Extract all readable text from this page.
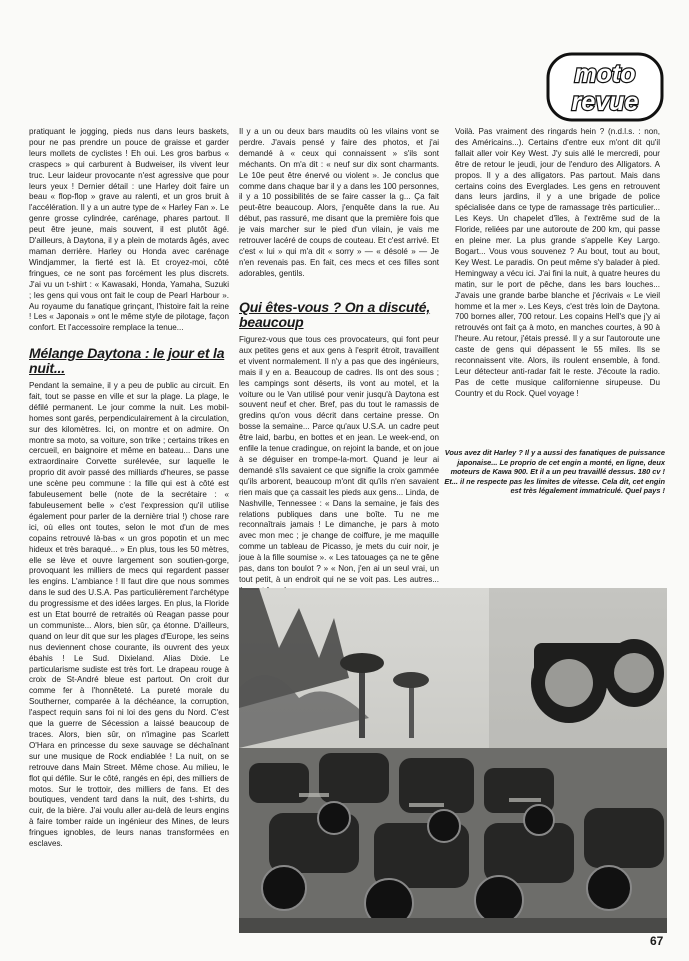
moto
revue

pratiquant le jogging, pieds nus dans leurs baskets, pour ne pas prendre un pouce de graisse et garder leurs mollets de cyclistes ! Eh oui. Les gros barbus « craspecs » qui carburent à Budweiser, ils vivent leur truc. Leur laideur provocante n'est agressive que pour leurs yeux ! Dernier détail : une Harley doit faire un beau « flop-flop » grave au ralenti, et un gros bruit à l'accélération. Il y a un autre type de « Harley Fan ». Le genre grosse cylindrée, carénage, phares partout. Il peut être jeune, mais souvent, il est plutôt âgé. D'ailleurs, à Daytona, il y a plein de motards âgés, avec maman derrière. Harley ou Honda avec carénage Windjammer, la fierté est là. Et croyez-moi, côté fringues, ce ne sont pas forcément les plus discrets. J'ai vu un t-shirt : « Kawasaki, Honda, Yamaha, Suzuki ; les gens qui vous ont fait le coup de Pearl Harbour ». Au royaume du fanatique grinçant, l'histoire fait la reine ! Les « Japonais » ont le même style de pilotage, façon confort. Et l'accessoire remplace la tenue...

Mélange Daytona : le jour et la nuit...

Pendant la semaine, il y a peu de public au circuit. En fait, tout se passe en ville et sur la plage. La plage, le défilé permanent. Le jour comme la nuit. Les mobil-homes sont garés, perpendiculairement à la circulation, sur des kilomètres. Ici, on montre et on admire. On montre sa moto, sa voiture, son trike ; certains trikes en cercueil, en baignoire et même en bateau... Dans une extraordinaire Corvette surélevée, sur laquelle le proprio dit avoir passé des milliards d'heures, se passe une scène peu commune : la fille qui est à côté est fabuleusement belle (note de la secrétaire : « fabuleusement belle » c'est l'expression qu'il utilise également pour parler de la dernière trial !) chose rare ici, où elles ont toutes, selon le mot d'un de mes copains retrouvé là-bas « un gros popotin et un mec hideux et très baraqué... » En plus, tous les 50 mètres, elle se lève et ouvre largement son soutien-gorge, provoquant les milliers de mecs qui regardent passer les engins. L'ambiance ! Il faut dire que nous sommes dans le sud des U.S.A. Pas particulièrement l'archétype du progressisme et des idées larges. En plus, la Floride est un Etat bourré de retraités où Reagan passe pour un communiste... Alors, bien sûr, ça étonne. D'ailleurs, quand on leur dit que sur les plages d'Europe, les seins nus deviennent chose courante, ils ouvrent des yeux ébahis ! Le Sud. Dixieland. Alias Dixie. Le particularisme sudiste est très fort. Le drapeau rouge à croix de St-André bleue est partout. On croit dur comme fer à l'honnêteté. La pureté morale du Southerner, comparée à la déchéance, la corruption, l'aspect requin sans foi ni loi des gens du Nord. C'est que la guerre de Sécession a laissé beaucoup de traces. Alors, bien sûr, on n'imagine pas Scarlett O'Hara en princesse du sexe sauvage se déchaînant sur une musique de Rock endiablée ! La nuit, on se retrouve dans Main Street. Même chose. Au milieu, le flot qui défile. Sur le côté, rangés en épi, des milliers de motos. Sur le trottoir, des milliers de fans. Et des boutiques, vendent tard dans la nuit, des t-shirts, du cuir, de la bière. J'ai voulu aller au-delà de leurs engins à faire tomber raide un ingénieur des Mines, de leurs fringues ignobles, de leurs nanas transformées en esclaves.

Il y a un ou deux bars maudits où les vilains vont se perdre. J'avais pensé y faire des photos, et j'ai demandé à « ceux qui connaissent » s'ils sont méchants. On m'a dit : « neuf sur dix sont charmants. Le 10e peut être énervé ou violent ». Je conclus que comme dans chaque bar il y a dans les 100 personnes, il y a 10 possibilités de se faire casser la g... Ça fait peut-être beaucoup. Alors, j'enquête dans la rue. Au début, pas rassuré, me disant que la première fois que je vais marcher sur le pied d'un vilain, je vais me retrouver lacéré de coups de couteau. Et c'est arrivé. Et c'est « lui » qui m'a dit « sorry » — « désolé » — Je n'en revenais pas. En fait, ces mecs et ces filles sont adorables, gentils.

Qui êtes-vous ? On a discuté, beaucoup

Figurez-vous que tous ces provocateurs, qui font peur aux petites gens et aux gens à l'esprit étroit, travaillent et vivent normalement. Il n'y a pas que des ingénieurs, mais il y en a. Beaucoup de cadres. Ils ont des sous ; les campings sont déserts, ils vont au motel, et la voiture ou le Van utilisé pour venir jusqu'à Daytona est souvent neuf et cher. Bref, pas du tout le ramassis de gredins qu'on vous décrit dans certaine presse. On bosse la semaine... Parce qu'aux U.S.A. un cadre peut être laid, barbu, en bottes et en jean. Le week-end, on enfile la tenue cradingue, on rejoint la bande, et on joue à se déguiser en trompe-la-mort. Quand je leur ai demandé s'ils savaient ce que signifie la croix gammée qu'ils arborent, beaucoup m'ont dit qu'ils n'en savaient rien mais que ça cassait les pieds aux gens... Linda, de Nashville, Tennessee : « Dans la semaine, je fais des relations publiques dans une boîte. Tu ne me reconnaîtrais jamais ! Le dimanche, je pars à moto avec mon mec ; je change de coiffure, je me maquille comme un tableau de Picasso, je mets du cuir noir, je joue à la fille soumise ». « Les tatouages ça ne te gêne pas, dans ton boulot ? » « Non, j'en ai un seul vrai, un tout petit, à un endroit qui ne se voit pas. Les autres...

Voilà. Pas vraiment des ringards hein ? (n.d.l.s. : non, des Américains...). Certains d'entre eux m'ont dit qu'il fallait aller voir Key West. J'y suis allé le mercredi, pour être de retour le jeudi, jour de l'enduro des Alligators. A propos. Il y a des alligators. Pas partout. Mais dans certains coins des Everglades. Les gens en retrouvent dans leurs jardins, il y a une brigade de police spécialisée dans ce type de ramassage très particulier... Les Keys. Un chapelet d'îles, à l'extrême sud de la Floride, reliées par une autoroute de 200 km, qui passe en pleine mer. La plus grande s'appelle Key Largo. Bogart... Vous vous souvenez ? Au bout, tout au bout, Key West. Le paradis. On peut même s'y balader à pied. Hemingway a vécu ici. J'ai fini la nuit, à quatre heures du matin, sur le port de pêche, dans les bars louches... J'avais une grande barbe blanche et j'écrivais « Le vieil homme et la mer ». Les Keys, c'est très loin de Daytona. 700 bornes aller, 700 retour. Les copains Hell's que j'y ai retrouvés ont fait ça à moto, en manches courtes, à 90 à l'heure. Au retour, j'étais pressé. Il y a sur l'autoroute une caste de gens qui dépassent le 55 miles. Ils se reconnaissent vite. Alors, ils roulent ensemble, à fond. Leur détecteur anti-radar fait le reste. J'écoute la radio. Pas de cette musique californienne sirupeuse. Du Country et du Rock. Quel voyage !

Vous avez dit Harley ? Il y a aussi des fanatiques de puissance japonaise... Le proprio de cet engin a monté, en ligne, deux moteurs de Kawa 900. Et il a un peu travaillé dessus. 180 cv ! Et... il ne respecte pas les limites de vitesse. Cela dit, cet engin est très légalement immatriculé. Quel pays !
67
